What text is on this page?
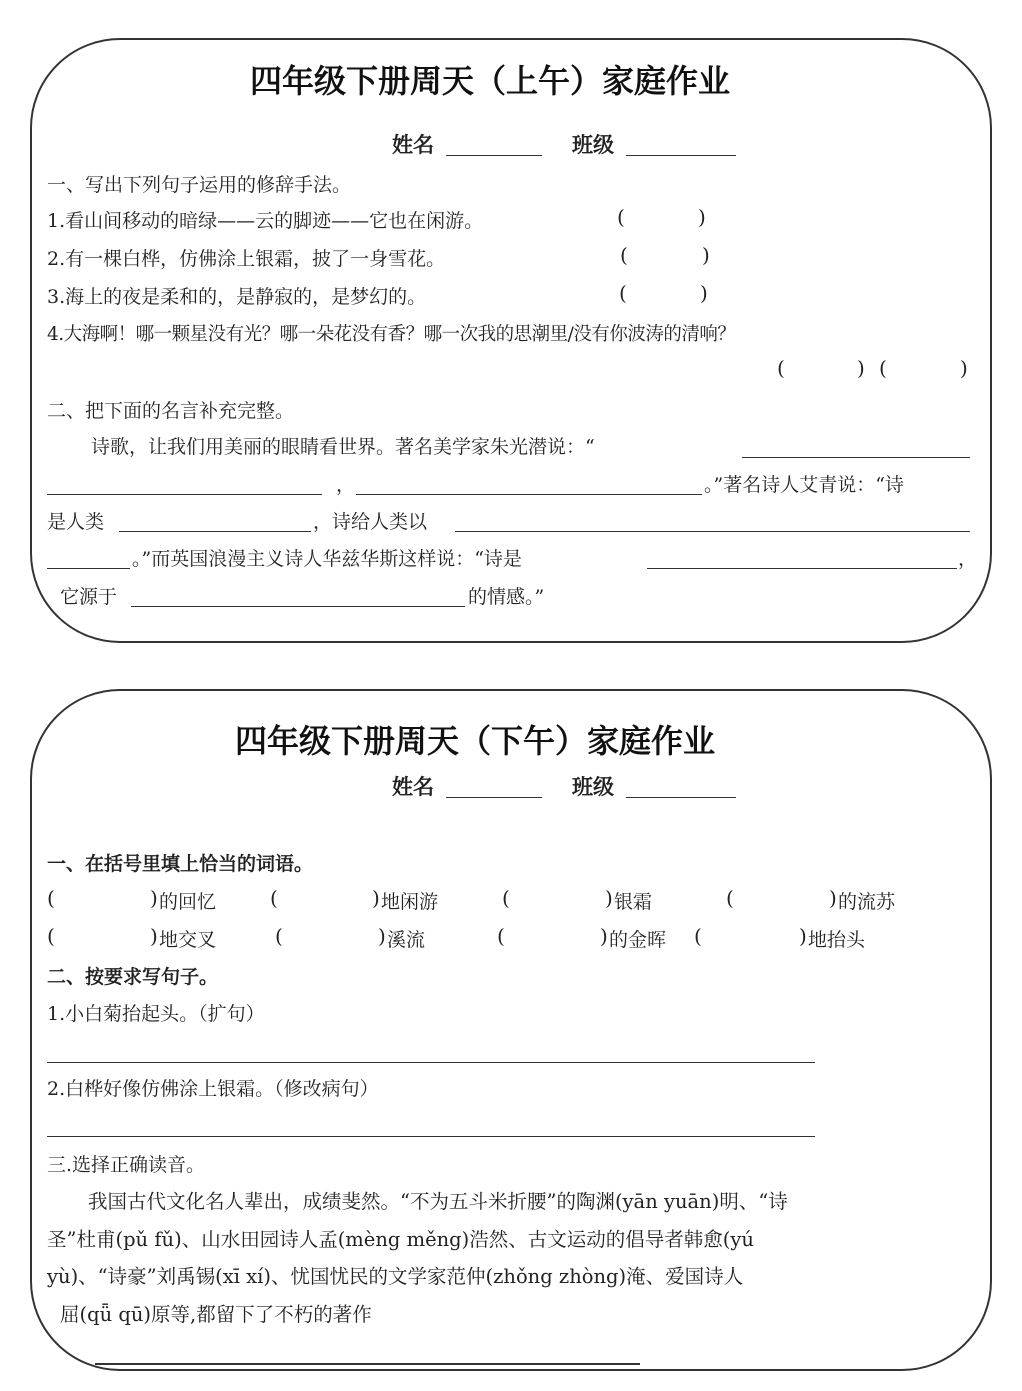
四年级下册周天（上午）家庭作业
姓名	班级
一、写出下列句子运用的修辞手法。
1.看山间移动的暗绿——云的脚迹——它也在闲游。	(	)
2.有一棵白桦，仿佛涂上银霜，披了一身雪花。	(	)
3.海上的夜是柔和的，是静寂的，是梦幻的。	(	)
4.大海啊！哪一颗星没有光？哪一朵花没有香？哪一次我的思潮里/没有你波涛的清响？
(	) (	)
二、把下面的名言补充完整。
诗歌，让我们用美丽的眼睛看世界。著名美学家朱光潜说：“
，	。”著名诗人艾青说：“诗
是人类	，诗给人类以
。”而英国浪漫主义诗人华兹华斯这样说：“诗是	，
它源于	的情感。”
四年级下册周天（下午）家庭作业
姓名	班级
一、在括号里填上恰当的词语。
(	) 的回忆	(	) 地闲游	(	) 银霜	(	) 的流苏
(	) 地交叉	(	) 溪流	(	) 的金晖 (	) 地抬头
二、按要求写句子。
1.小白菊抬起头。（扩句）
2.白桦好像仿佛涂上银霜。（修改病句）
三.选择正确读音。
我国古代文化名人辈出，成绩斐然。“不为五斗米折腰”的陶渊(yān yuān)明、“诗
圣”杜甫(pǔ fǔ)、山水田园诗人孟(mèng měng)浩然、古文运动的倡导者韩愈(yú
yù)、“诗豪”刘禹锡(xī xí)、忧国忧民的文学家范仲(zhǒng zhòng)淹、爱国诗人
屈(qǖ qū)原等,都留下了不朽的著作
